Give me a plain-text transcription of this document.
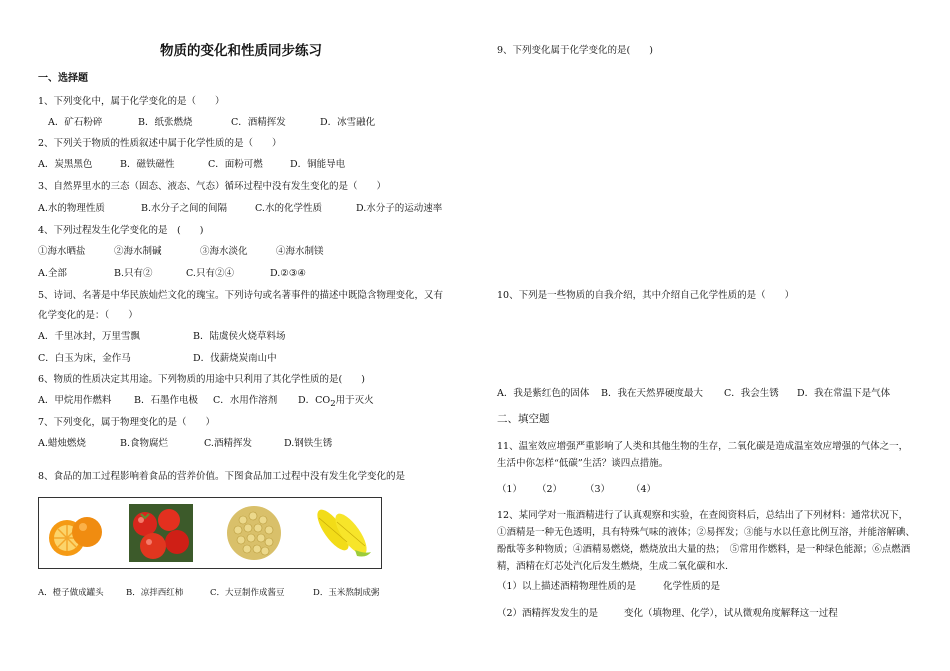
物质的变化和性质同步练习
一、选择题
1、下列变化中，属于化学变化的是（　　）
A．矿石粉碎	B．纸张燃烧	C．酒精挥发	D．冰雪融化
2、下列关于物质的性质叙述中属于化学性质的是（　　）
A．炭黑黑色	B．磁铁磁性	C．面粉可燃	D．铜能导电
3、自然界里水的三态（固态、液态、气态）循环过程中没有发生变化的是（　　）
A.水的物理性质	B.水分子之间的间隔	C.水的化学性质	D.水分子的运动速率
4、下列过程发生化学变化的是　(　　)
①海水晒盐	②海水制碱	③海水淡化	④海水制镁
A.全部	B.只有②	C.只有②④	D.②③④
5、诗词、名著是中华民族灿烂文化的瑰宝。下列诗句或名著事件的描述中既隐含物理变化，又有
化学变化的是：（　　）
A．千里冰封，万里雪飘	B．陆虞侯火烧草料场
C．白玉为床，金作马	D．伐薪烧炭南山中
6、物质的性质决定其用途。下列物质的用途中只利用了其化学性质的是(　　)
A．甲烷用作燃料 B．石墨作电极 C．水用作溶剂 D．$CO_2$用于灭火
7、下列变化，属于物理变化的是（　　）
A.蜡烛燃烧	B.食物腐烂	C.酒精挥发	D.钢铁生锈
8、食品的加工过程影响着食品的营养价值。下图食品加工过程中没有发生化学变化的是
A．橙子做成罐头	B．凉拌西红柿	C．大豆制作成酱豆	D．玉米熬制成粥
9、下列变化属于化学变化的是(　　)
10、下列是一些物质的自我介绍，其中介绍自己化学性质的是（　　）
A．我是紫红色的固体 B．我在天然界硬度最大 C．我会生锈 D．我在常温下是气体
二、填空题
11、温室效应增强严重影响了人类和其他生物的生存，二氧化碳是造成温室效应增强的气体之一，生活中你怎样“低碳”生活？谈四点措施。
（1） （2） （3） （4）
12、某同学对一瓶酒精进行了认真观察和实验，在查阅资料后，总结出了下列材料：通常状况下，①酒精是一种无色透明，具有特殊气味的液体；②易挥发；③能与水以任意比例互溶，并能溶解碘、酚酞等多种物质；④酒精易燃烧，燃烧放出大量的热；　⑤常用作燃料，是一种绿色能源；⑥点燃酒精，酒精在灯芯处汽化后发生燃烧，生成二氧化碳和水.
（1）以上描述酒精物理性质的是	化学性质的是
（2）酒精挥发发生的是	变化（填物理、化学），试从微观角度解释这一过程
